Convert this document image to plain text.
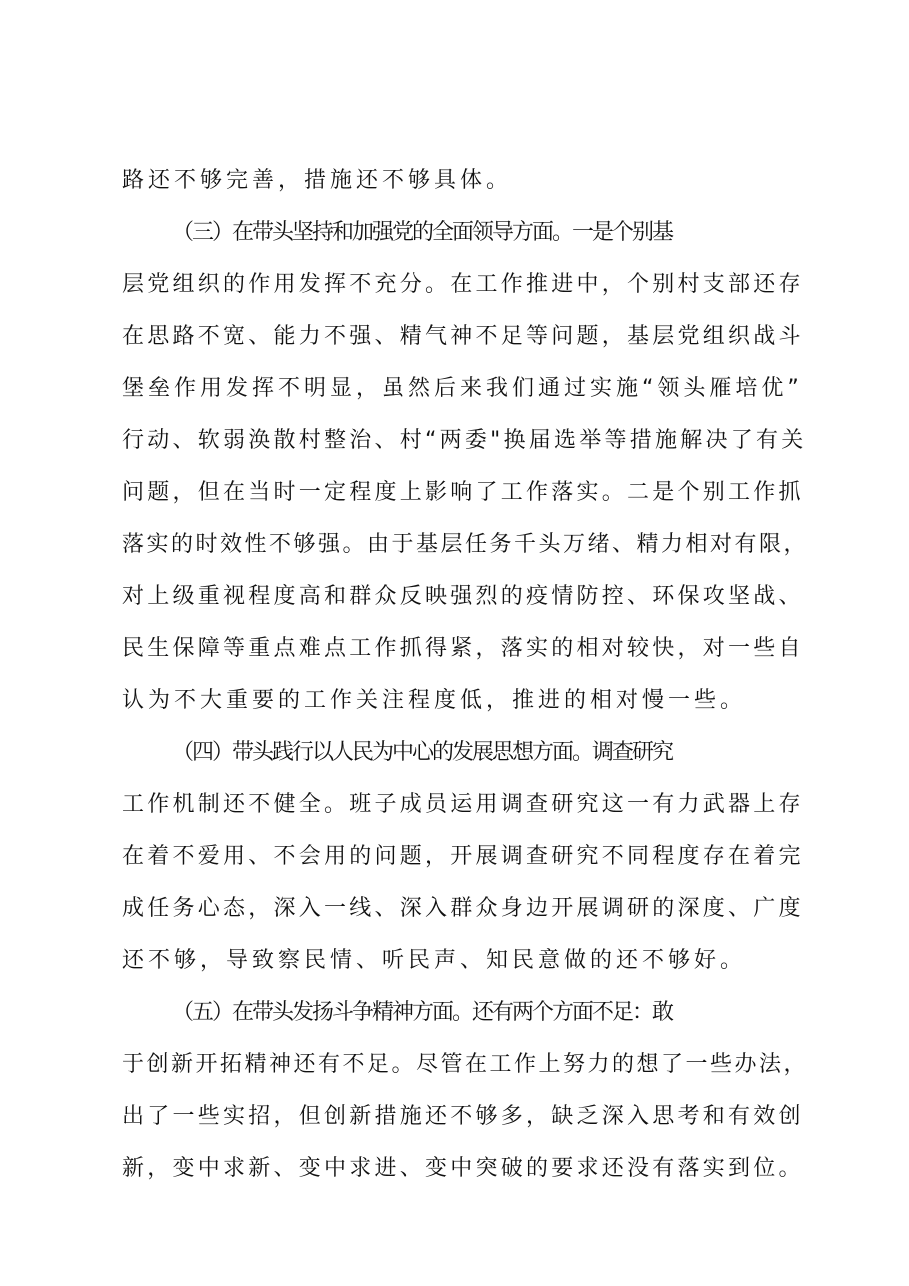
路还不够完善，措施还不够具体。
（三）在带头坚持和加强党的全面领导方面。一是个别基
层党组织的作用发挥不充分。在工作推进中，个别村支部还存
在思路不宽、能力不强、精气神不足等问题，基层党组织战斗
堡垒作用发挥不明显，虽然后来我们通过实施“领头雁培优”
行动、软弱涣散村整治、村“两委"换届选举等措施解决了有关
问题，但在当时一定程度上影响了工作落实。二是个别工作抓
落实的时效性不够强。由于基层任务千头万绪、精力相对有限，
对上级重视程度高和群众反映强烈的疫情防控、环保攻坚战、
民生保障等重点难点工作抓得紧，落实的相对较快，对一些自
认为不大重要的工作关注程度低，推进的相对慢一些。
（四）带头践行以人民为中心的发展思想方面。调查研究
工作机制还不健全。班子成员运用调查研究这一有力武器上存
在着不爱用、不会用的问题，开展调查研究不同程度存在着完
成任务心态，深入一线、深入群众身边开展调研的深度、广度
还不够，导致察民情、听民声、知民意做的还不够好。
（五）在带头发扬斗争精神方面。还有两个方面不足：敢
于创新开拓精神还有不足。尽管在工作上努力的想了一些办法，
出了一些实招，但创新措施还不够多，缺乏深入思考和有效创
新，变中求新、变中求进、变中突破的要求还没有落实到位。
